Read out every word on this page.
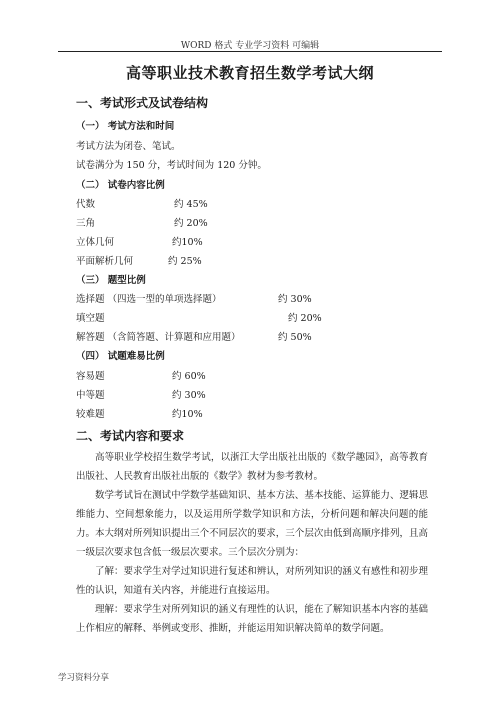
WORD 格式 专业学习资料 可编辑
高等职业技术教育招生数学考试大纲
一、考试形式及试卷结构
（一） 考试方法和时间
考试方法为闭卷、笔试。
试卷满分为 150 分，考试时间为 120 分钟。
（二） 试卷内容比例
代数	约 45%
三角	约 20%
立体几何	约10%
平面解析几何	约 25%
（三） 题型比例
选择题 （四选一型的单项选择题）	约 30%
填空题	约 20%
解答题 （含简答题、计算题和应用题）	约 50%
（四） 试题难易比例
容易题	约 60%
中等题	约 30%
较难题	约10%
二、考试内容和要求
高等职业学校招生数学考试，以浙江大学出版社出版的《数学趣园》，高等教育出版社、人民教育出版社出版的《数学》教材为参考教材。
数学考试旨在测试中学数学基础知识、基本方法、基本技能、运算能力、逻辑思维能力、空间想象能力，以及运用所学数学知识和方法，分析问题和解决问题的能力。 本大纲对所列知识提出三个不同层次的要求，三个层次由低到高顺序排列，且高一级层次要求包含低一级层次要求。三个层次分别为：
了解：要求学生对学过知识进行复述和辨认，对所列知识的涵义有感性和初步理性的认识，知道有关内容，并能进行直接运用。
理解：要求学生对所列知识的涵义有理性的认识，能在了解知识基本内容的基础上作相应的解释、举例或变形、推断，并能运用知识解决简单的数学问题。
学习资料分享
